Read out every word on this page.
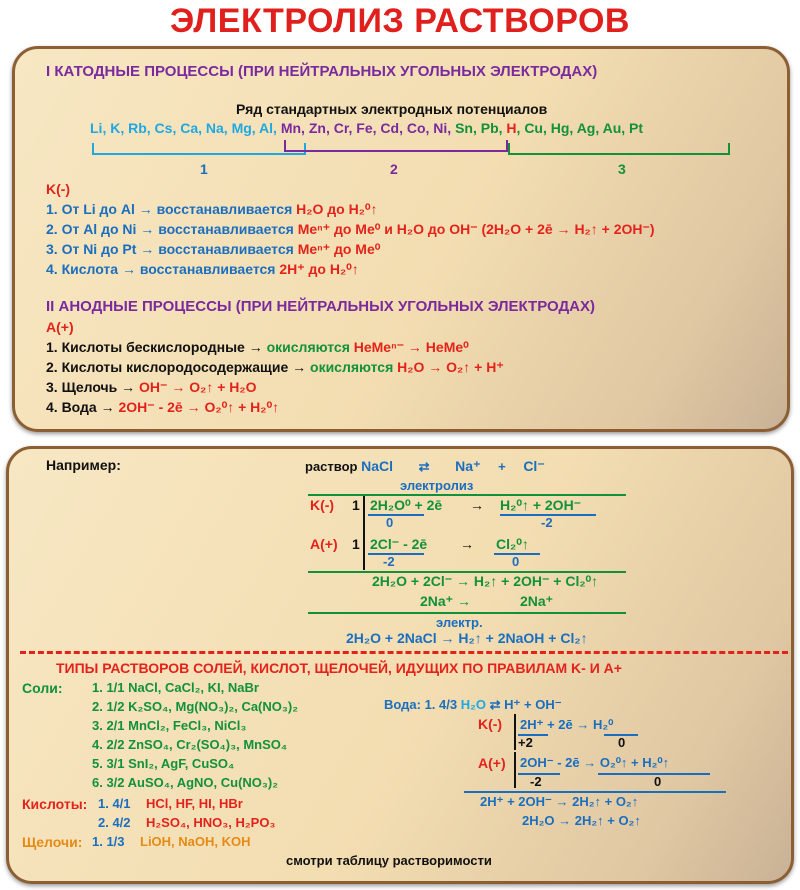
ЭЛЕКТРОЛИЗ РАСТВОРОВ
I КАТОДНЫЕ ПРОЦЕССЫ (ПРИ НЕЙТРАЛЬНЫХ УГОЛЬНЫХ ЭЛЕКТРОДАХ)
Ряд стандартных электродных потенциалов
Li, K, Rb, Cs, Ca, Na, Mg, Al, Mn, Zn, Cr, Fe, Cd, Co, Ni, Sn, Pb, H, Cu, Hg, Ag, Au, Pt
1	2	3
K(-)
1. От Li до Al → восстанавливается H₂O до H₂⁰↑
2. От Al до Ni → восстанавливается Meⁿ⁺ до Me⁰ и H₂O до OH⁻ (2H₂O + 2ē → H₂↑ + 2OH⁻)
3. От Ni до Pt → восстанавливается Meⁿ⁺ до Me⁰
4. Кислота → восстанавливается 2H⁺ до H₂⁰↑
II АНОДНЫЕ ПРОЦЕССЫ (ПРИ НЕЙТРАЛЬНЫХ УГОЛЬНЫХ ЭЛЕКТРОДАХ)
A(+)
1. Кислоты бескислородные → окисляются HeMeⁿ⁻ → HeMe⁰
2. Кислоты кислородосодержащие → окисляются H₂O → O₂↑ + H⁺
3. Щелочь → OH⁻ → O₂↑ + H₂O
4. Вода → 2OH⁻ - 2ē → O₂⁰↑ + H₂⁰↑
Например:	раствор NaCl ⇄ Na⁺ + Cl⁻
электролиз
K(-) 1 2H₂O⁰ + 2ē → H₂⁰↑ + 2OH⁻
0	-2
A(+) 1 2Cl⁻ - 2ē → Cl₂⁰↑
-2	0
2H₂O + 2Cl⁻ → H₂↑ + 2OH⁻ + Cl₂⁰↑
2Na⁺ →	2Na⁺
электр.
2H₂O + 2NaCl → H₂↑ + 2NaOH + Cl₂↑
ТИПЫ РАСТВОРОВ СОЛЕЙ, КИСЛОТ, ЩЕЛОЧЕЙ, ИДУЩИХ ПО ПРАВИЛАМ K- И A+
Соли: 1. 1/1 NaCl, CaCl₂, KI, NaBr
2. 1/2 K₂SO₄, Mg(NO₃)₂, Ca(NO₃)₂
3. 2/1 MnCl₂, FeCl₃, NiCl₃
4. 2/2 ZnSO₄, Cr₂(SO₄)₃, MnSO₄
5. 3/1 SnI₂, AgF, CuSO₄
6. 3/2 AuSO₄, AgNO, Cu(NO₃)₂
Кислоты: 1. 4/1 HCl, HF, HI, HBr
2. 4/2 H₂SO₄, HNO₃, H₂PO₃
Щелочи: 1. 1/3 LiOH, NaOH, KOH
смотри таблицу растворимости
Вода: 1. 4/3 H₂O ⇄ H⁺ + OH⁻
K(-) 2H⁺ + 2ē → H₂⁰
+2	0
A(+) 2OH⁻ - 2ē → O₂⁰↑ + H₂⁰↑
-2	0
2H⁺ + 2OH⁻ → 2H₂↑ + O₂↑
2H₂O → 2H₂↑ + O₂↑
